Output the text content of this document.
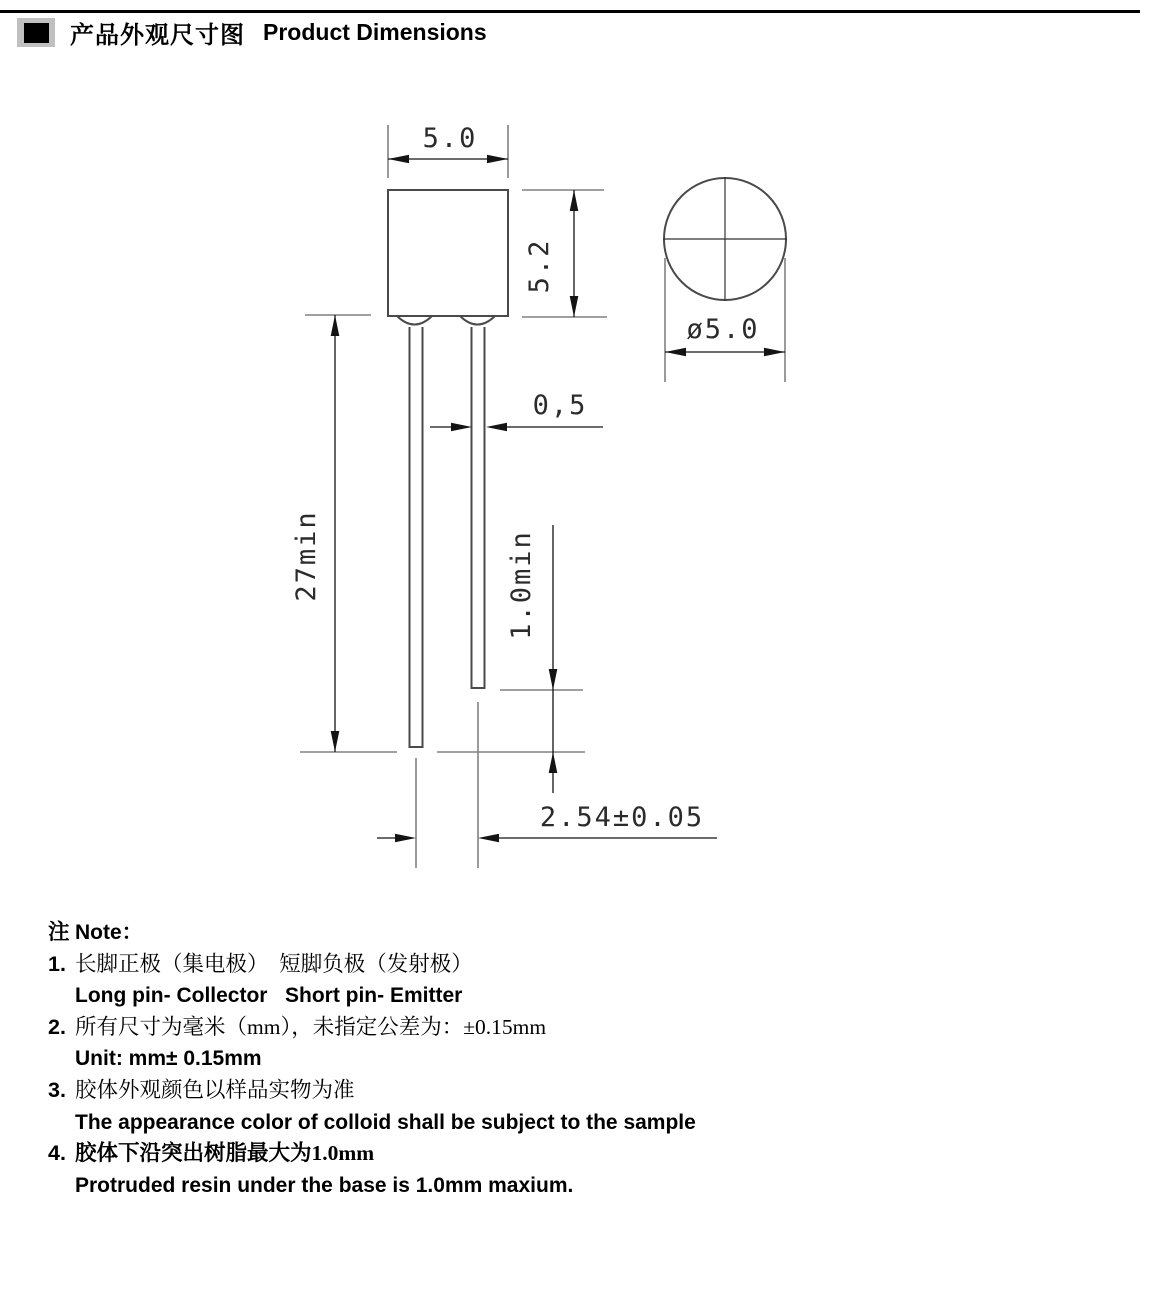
产品外观尺寸图 Product Dimensions
5.0
5.2
ø5.0
0,5
27min	1.0min
2.54±0.05
注 Note：
1. 长脚正极（集电极）　短脚负极（发射极）
Long pin- Collector   Short pin- Emitter
2. 所有尺寸为毫米（mm），未指定公差为：±0.15mm
Unit: mm± 0.15mm
3. 胶体外观颜色以样品实物为准
The appearance color of colloid shall be subject to the sample
4. 胶体下沿突出树脂最大为1.0mm
Protruded resin under the base is 1.0mm maxium.
